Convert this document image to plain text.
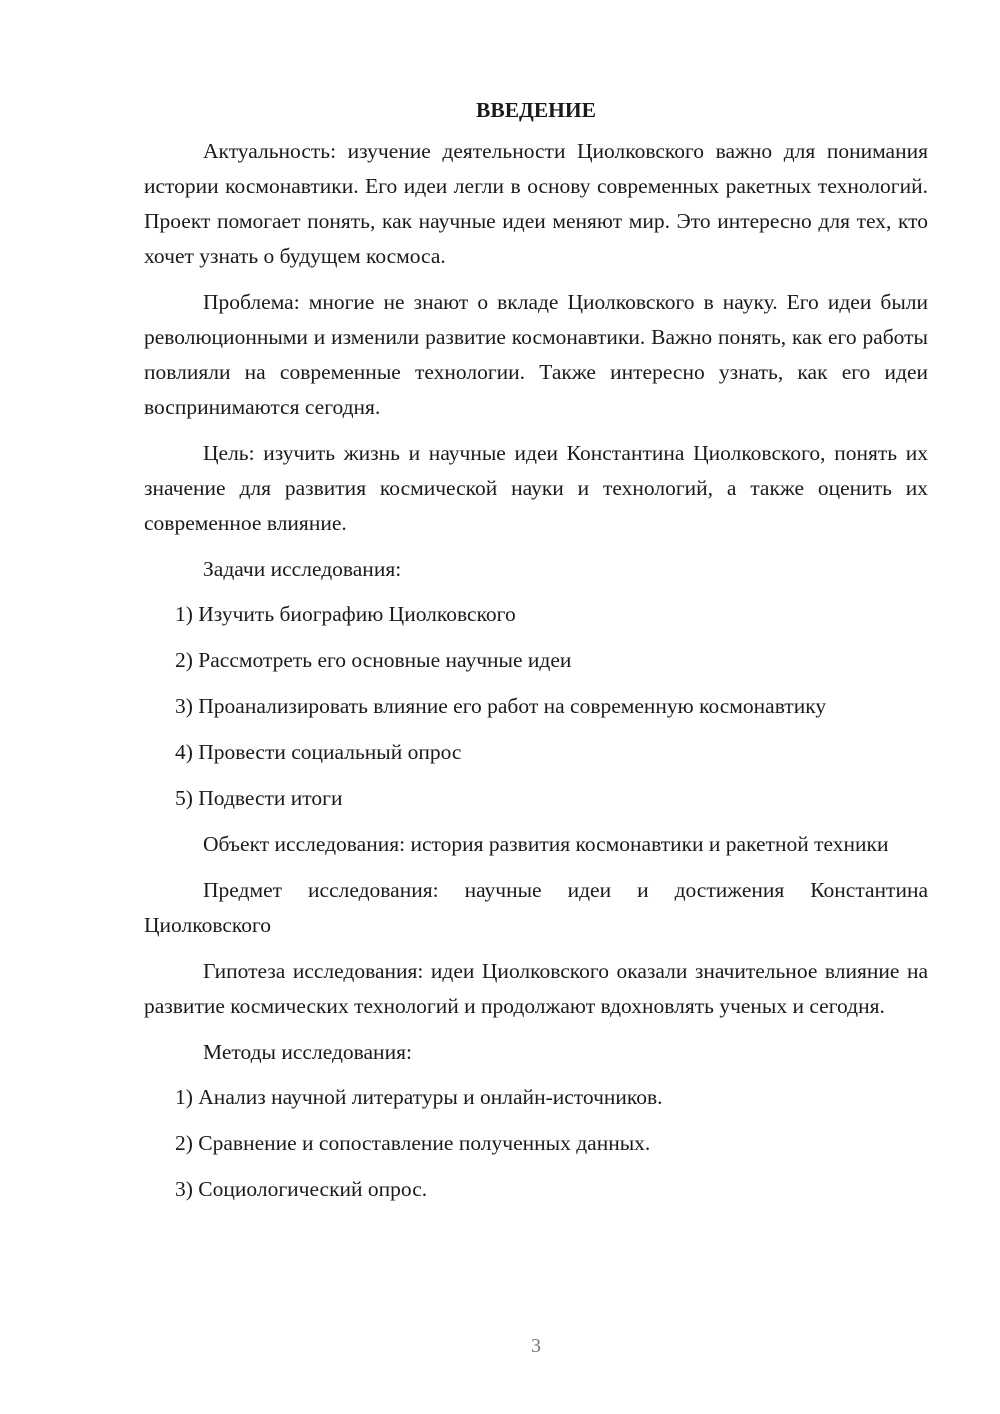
ВВЕДЕНИЕ

Актуальность: изучение деятельности Циолковского важно для понимания истории космонавтики. Его идеи легли в основу современных ракетных технологий. Проект помогает понять, как научные идеи меняют мир. Это интересно для тех, кто хочет узнать о будущем космоса.

Проблема: многие не знают о вкладе Циолковского в науку. Его идеи были революционными и изменили развитие космонавтики. Важно понять, как его работы повлияли на современные технологии. Также интересно узнать, как его идеи воспринимаются сегодня.

Цель: изучить жизнь и научные идеи Константина Циолковского, понять их значение для развития космической науки и технологий, а также оценить их современное влияние.

Задачи исследования:

1) Изучить биографию Циолковского

2) Рассмотреть его основные научные идеи

3) Проанализировать влияние его работ на современную космонавтику

4) Провести социальный опрос

5) Подвести итоги

Объект исследования: история развития космонавтики и ракетной техники

Предмет исследования: научные идеи и достижения Константина Циолковского

Гипотеза исследования: идеи Циолковского оказали значительное влияние на развитие космических технологий и продолжают вдохновлять ученых и сегодня.

Методы исследования:

1) Анализ научной литературы и онлайн-источников.

2) Сравнение и сопоставление полученных данных.

3) Социологический опрос.

3
